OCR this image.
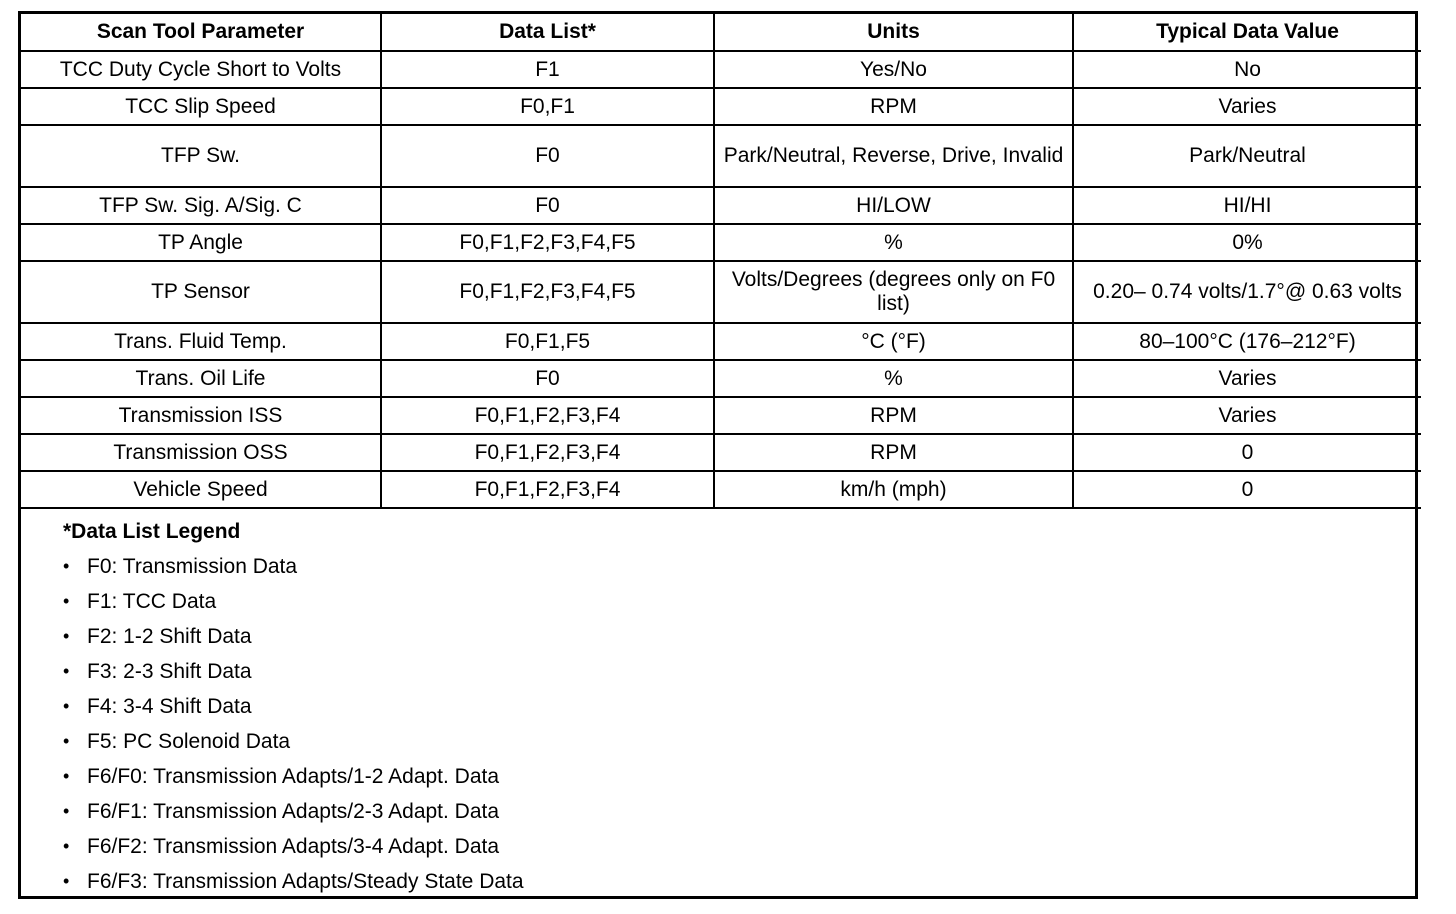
Scan Tool Parameter	Data List*	Units	Typical Data Value
TCC Duty Cycle Short to Volts	F1	Yes/No	No
TCC Slip Speed	F0,F1	RPM	Varies
TFP Sw.	F0	Park/Neutral, Reverse, Drive, Invalid	Park/Neutral
TFP Sw. Sig. A/Sig. C	F0	HI/LOW	HI/HI
TP Angle	F0,F1,F2,F3,F4,F5	%	0%
TP Sensor	F0,F1,F2,F3,F4,F5	Volts/Degrees (degrees only on F0 list)	0.20– 0.74 volts/1.7°@ 0.63 volts
Trans. Fluid Temp.	F0,F1,F5	°C (°F)	80–100°C (176–212°F)
Trans. Oil Life	F0	%	Varies
Transmission ISS	F0,F1,F2,F3,F4	RPM	Varies
Transmission OSS	F0,F1,F2,F3,F4	RPM	0
Vehicle Speed	F0,F1,F2,F3,F4	km/h (mph)	0
*Data List Legend
• F0: Transmission Data
• F1: TCC Data
• F2: 1-2 Shift Data
• F3: 2-3 Shift Data
• F4: 3-4 Shift Data
• F5: PC Solenoid Data
• F6/F0: Transmission Adapts/1-2 Adapt. Data
• F6/F1: Transmission Adapts/2-3 Adapt. Data
• F6/F2: Transmission Adapts/3-4 Adapt. Data
• F6/F3: Transmission Adapts/Steady State Data
